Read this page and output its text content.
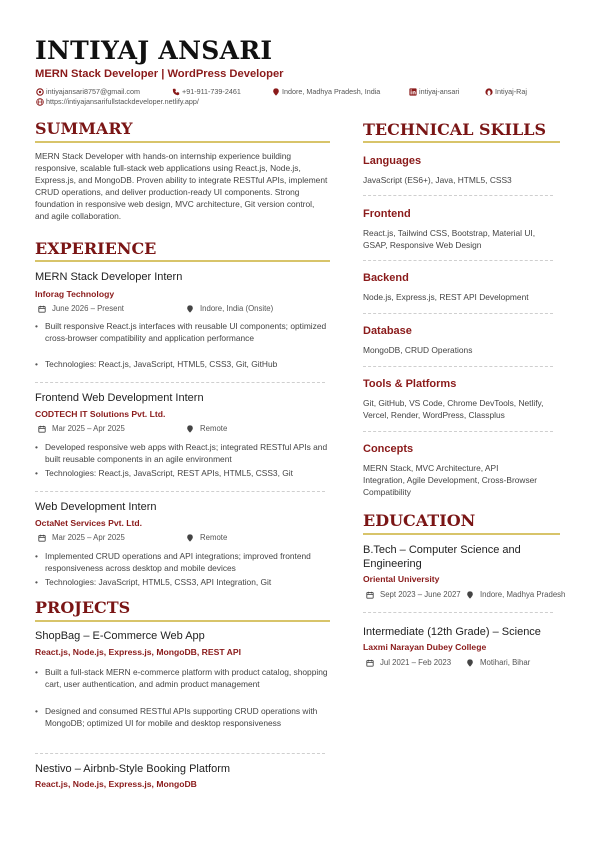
INTIYAJ ANSARI
MERN Stack Developer | WordPress Developer
intiyajansari8757@gmail.com	+91-911-739-2461	Indore, Madhya Pradesh, India	intiyaj-ansari	Intiyaj-Raj
https://intiyajansarifullstackdeveloper.netlify.app/
SUMMARY
MERN Stack Developer with hands-on internship experience building responsive, scalable full-stack web applications using React.js, Node.js, Express.js, and MongoDB. Proven ability to integrate RESTful APIs, implement CRUD operations, and deliver production-ready UI components. Strong foundation in responsive web design, MVC architecture, Git version control, and agile collaboration.
EXPERIENCE
MERN Stack Developer Intern
Inforag Technology
June 2026 – Present	Indore, India (Onsite)
• Built responsive React.js interfaces with reusable UI components; optimized cross-browser compatibility and application performance
• Technologies: React.js, JavaScript, HTML5, CSS3, Git, GitHub
Frontend Web Development Intern
CODTECH IT Solutions Pvt. Ltd.
Mar 2025 – Apr 2025	Remote
• Developed responsive web apps with React.js; integrated RESTful APIs and built reusable components in an agile environment
• Technologies: React.js, JavaScript, REST APIs, HTML5, CSS3, Git
Web Development Intern
OctaNet Services Pvt. Ltd.
Mar 2025 – Apr 2025	Remote
• Implemented CRUD operations and API integrations; improved frontend responsiveness across desktop and mobile devices
• Technologies: JavaScript, HTML5, CSS3, API Integration, Git
PROJECTS
ShopBag – E-Commerce Web App
React.js, Node.js, Express.js, MongoDB, REST API
• Built a full-stack MERN e-commerce platform with product catalog, shopping cart, user authentication, and admin product management
• Designed and consumed RESTful APIs supporting CRUD operations with MongoDB; optimized UI for mobile and desktop responsiveness
Nestivo – Airbnb-Style Booking Platform
React.js, Node.js, Express.js, MongoDB
TECHNICAL SKILLS
Languages
JavaScript (ES6+), Java, HTML5, CSS3
Frontend
React.js, Tailwind CSS, Bootstrap, Material UI, GSAP, Responsive Web Design
Backend
Node.js, Express.js, REST API Development
Database
MongoDB, CRUD Operations
Tools & Platforms
Git, GitHub, VS Code, Chrome DevTools, Netlify, Vercel, Render, WordPress, Classplus
Concepts
MERN Stack, MVC Architecture, API Integration, Agile Development, Cross-Browser Compatibility
EDUCATION
B.Tech – Computer Science and Engineering
Oriental University
Sept 2023 – June 2027 Indore, Madhya Pradesh
Intermediate (12th Grade) – Science
Laxmi Narayan Dubey College
Jul 2021 – Feb 2023	Motihari, Bihar
